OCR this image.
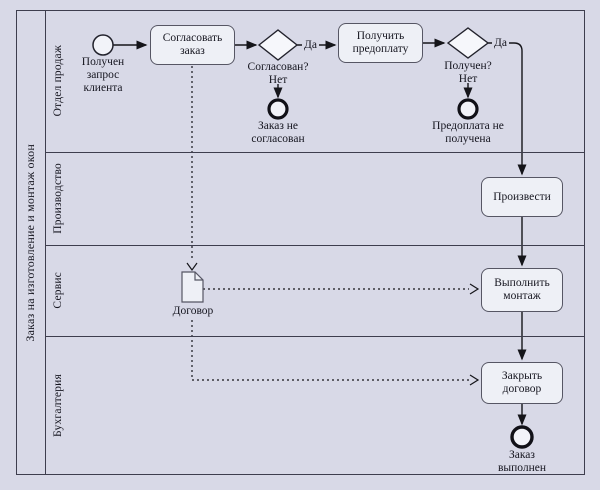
Заказ на изготовление и монтаж окон
Отдел продаж
Производство
Сервис
Бухгалтерия
Согласовать заказ
Получить предоплату
Произвести
Выполнить монтаж
Закрыть договор
Получен запрос клиента
Согласован?
Нет
Да
Заказ не согласован
Получен?
Нет
Да
Предоплата не получена
Договор
Заказ выполнен
